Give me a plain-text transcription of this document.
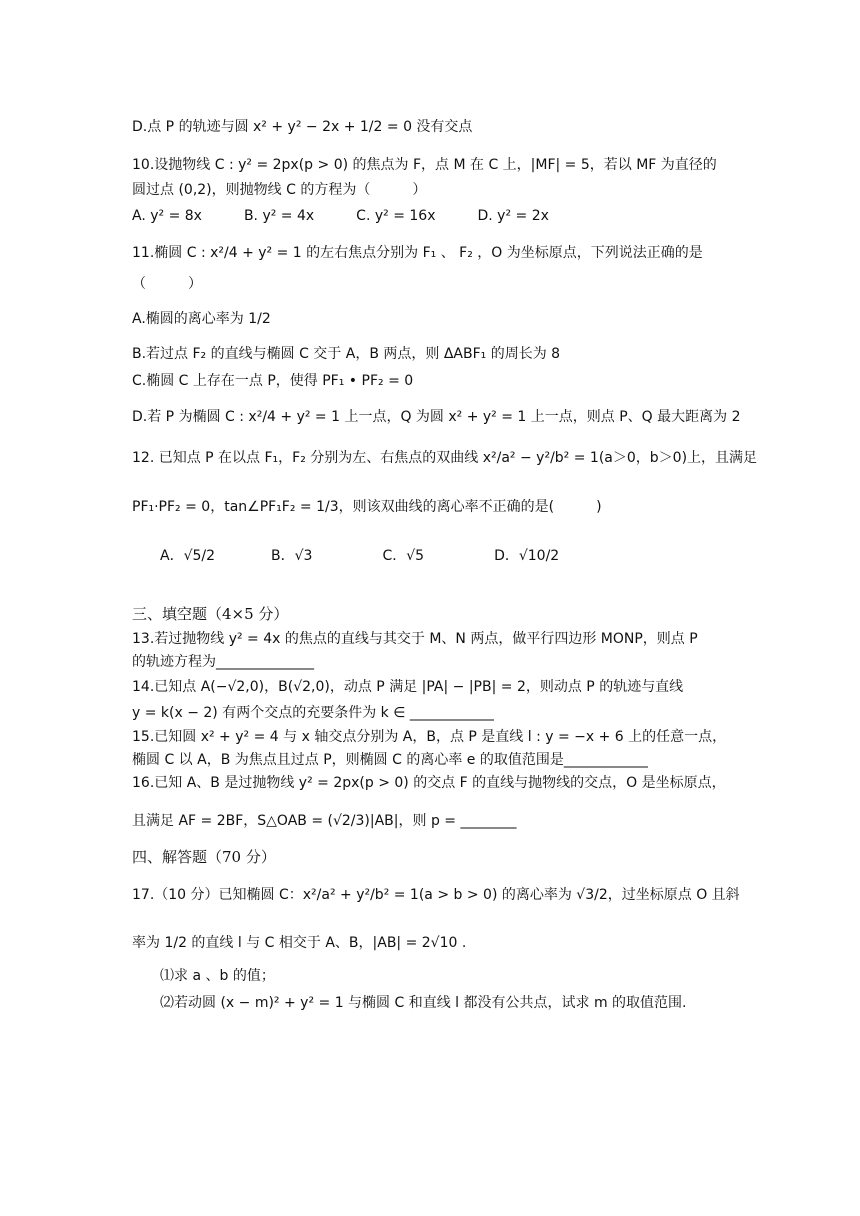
D.点 P 的轨迹与圆 x² + y² − 2x + 1/2 = 0 没有交点
10.设抛物线 C : y² = 2px(p > 0) 的焦点为 F，点 M 在 C 上，|MF| = 5，若以 MF 为直径的
圆过点 (0,2)，则抛物线 C 的方程为（　　　）
A. y² = 8x　　　B. y² = 4x　　　C. y² = 16x　　　D. y² = 2x
11.椭圆 C : x²/4 + y² = 1 的左右焦点分别为 F₁ 、 F₂ ，O 为坐标原点，下列说法正确的是
（　　　）
A.椭圆的离心率为 1/2
B.若过点 F₂ 的直线与椭圆 C 交于 A，B 两点，则 ΔABF₁ 的周长为 8
C.椭圆 C 上存在一点 P，使得 PF₁ • PF₂ = 0
D.若 P 为椭圆 C : x²/4 + y² = 1 上一点，Q 为圆 x² + y² = 1 上一点，则点 P、Q 最大距离为 2
12. 已知点 P 在以点 F₁，F₂ 分别为左、右焦点的双曲线 x²/a² − y²/b² = 1(a＞0，b＞0)上，且满足
PF₁·PF₂ = 0，tan∠PF₁F₂ = 1/3，则该双曲线的离心率不正确的是(　　　)
A．√5/2　　　　B．√3　　　　　C．√5　　　　　D．√10/2
三、填空题（4×5 分）
13.若过抛物线 y² = 4x 的焦点的直线与其交于 M、N 两点，做平行四边形 MONP，则点 P
的轨迹方程为______________
14.已知点 A(−√2,0)，B(√2,0)，动点 P 满足 |PA| − |PB| = 2，则动点 P 的轨迹与直线
y = k(x − 2) 有两个交点的充要条件为 k ∈ ____________
15.已知圆 x² + y² = 4 与 x 轴交点分别为 A，B，点 P 是直线 l : y = −x + 6 上的任意一点，
椭圆 C 以 A，B 为焦点且过点 P，则椭圆 C 的离心率 e 的取值范围是____________
16.已知 A、B 是过抛物线 y² = 2px(p > 0) 的交点 F 的直线与抛物线的交点，O 是坐标原点，
且满足 AF = 2BF，S△OAB = (√2/3)|AB|，则 p = ________
四、解答题（70 分）
17.（10 分）已知椭圆 C：x²/a² + y²/b² = 1(a > b > 0) 的离心率为 √3/2，过坐标原点 O 且斜
率为 1/2 的直线 l 与 C 相交于 A、B，|AB| = 2√10 .
⑴求 a 、b 的值；
⑵若动圆 (x − m)² + y² = 1 与椭圆 C 和直线 l 都没有公共点，试求 m 的取值范围.
